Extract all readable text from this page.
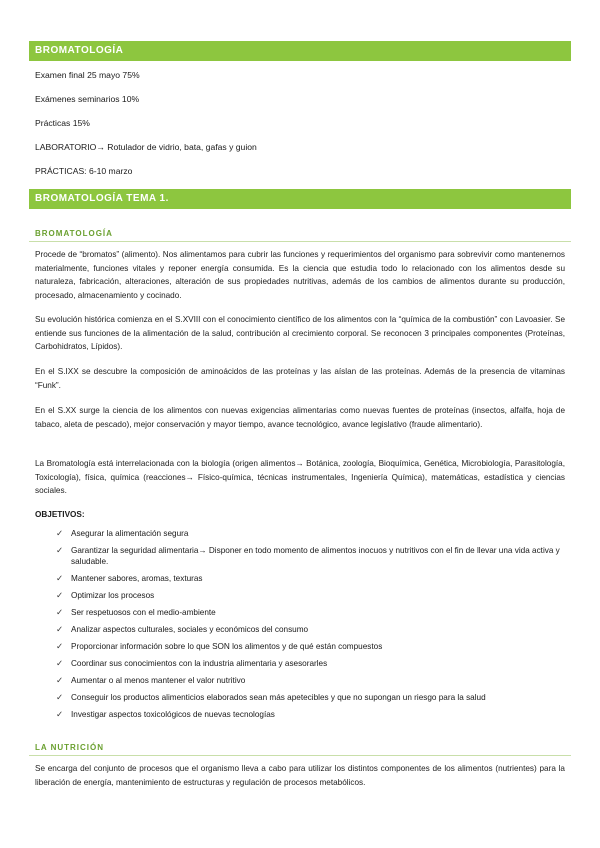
BROMATOLOGÍA
Examen final 25 mayo 75%
Exámenes seminarios 10%
Prácticas 15%
LABORATORIO→ Rotulador de vidrio, bata, gafas y guion
PRÁCTICAS: 6-10 marzo
BROMATOLOGÍA TEMA 1.
BROMATOLOGÍA

Procede de “bromatos” (alimento). Nos alimentamos para cubrir las funciones y requerimientos del organismo para sobrevivir como mantenernos materialmente, funciones vitales y reponer energía consumida. Es la ciencia que estudia todo lo relacionado con los alimentos desde su naturaleza, fabricación, alteraciones, alteración de sus propiedades nutritivas, además de los cambios de alimentos durante su producción, procesado, almacenamiento y cocinado.

Su evolución histórica comienza en el S.XVIII con el conocimiento científico de los alimentos con la “química de la combustión” con Lavoasier. Se entiende sus funciones de la alimentación de la salud, contribución al crecimiento corporal. Se reconocen 3 principales componentes (Proteínas, Carbohidratos, Lípidos).

En el S.IXX se descubre la composición de aminoácidos de las proteínas y las aíslan de las proteínas. Además de la presencia de vitaminas “Funk”.

En el S.XX surge la ciencia de los alimentos con nuevas exigencias alimentarias como nuevas fuentes de proteínas (insectos, alfalfa, hoja de tabaco, aleta de pescado), mejor conservación y mayor tiempo, avance tecnológico, avance legislativo (fraude alimentario).

La Bromatología está interrelacionada con la biología (origen alimentos→ Botánica, zoología, Bioquímica, Genética, Microbiología, Parasitología, Toxicología), física, química (reacciones→ Físico-química, técnicas instrumentales, Ingeniería Química), matemáticas, estadística y ciencias sociales.

OBJETIVOS:
✓ Asegurar la alimentación segura
✓ Garantizar la seguridad alimentaria→ Disponer en todo momento de alimentos inocuos y nutritivos con el fin de llevar una vida activa y saludable.
✓ Mantener sabores, aromas, texturas
✓ Optimizar los procesos
✓ Ser respetuosos con el medio-ambiente
✓ Analizar aspectos culturales, sociales y económicos del consumo
✓ Proporcionar información sobre lo que SON los alimentos y de qué están compuestos
✓ Coordinar sus conocimientos con la industria alimentaria y asesorarles
✓ Aumentar o al menos mantener el valor nutritivo
✓ Conseguir los productos alimenticios elaborados sean más apetecibles y que no supongan un riesgo para la salud
✓ Investigar aspectos toxicológicos de nuevas tecnologías
LA NUTRICIÓN

Se encarga del conjunto de procesos que el organismo lleva a cabo para utilizar los distintos componentes de los alimentos (nutrientes) para la liberación de energía, mantenimiento de estructuras y regulación de procesos metabólicos.
